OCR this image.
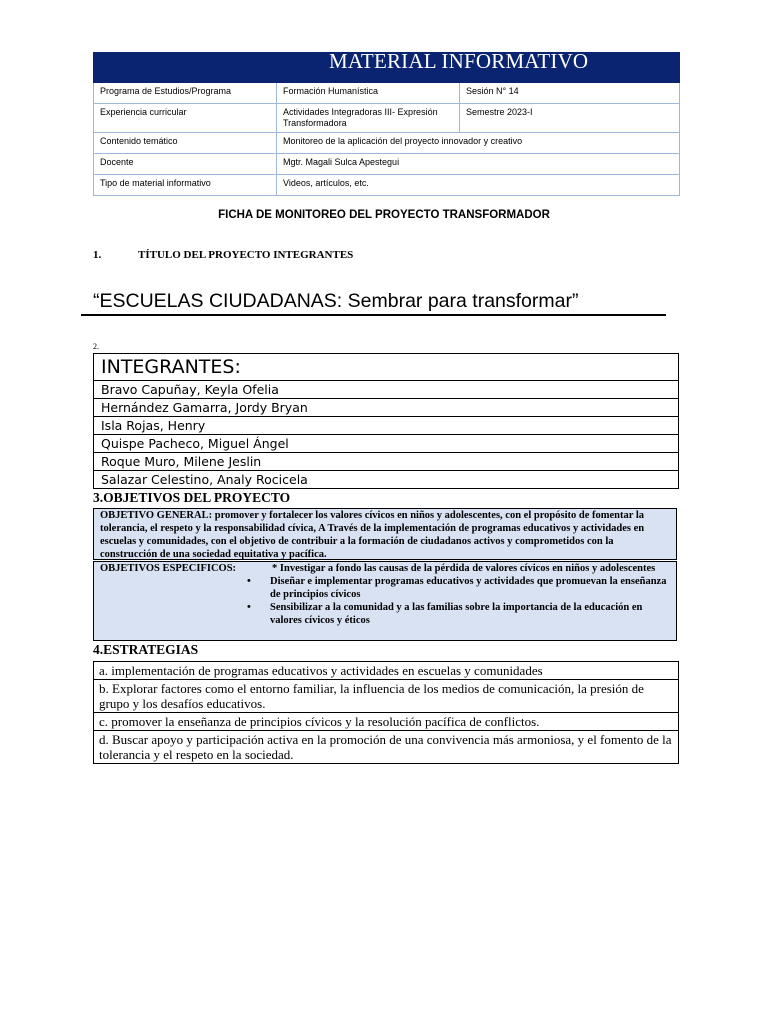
MATERIAL INFORMATIVO		
Programa de Estudios/Programa	Formación Humanística	Sesión N° 14
Experiencia curricular	Actividades Integradoras III- Expresión Transformadora	Semestre 2023-I
Contenido temático	Monitoreo de la aplicación del proyecto innovador y creativo	
Docente	Mgtr. Magali Sulca Apestegui	
Tipo de material informativo	Videos, artículos, etc.	
FICHA DE MONITOREO DEL PROYECTO TRANSFORMADOR
1.	TÍTULO DEL PROYECTO INTEGRANTES
“ESCUELAS CIUDADANAS: Sembrar para transformar”
2.
INTEGRANTES:
Bravo Capuñay, Keyla Ofelia
Hernández Gamarra, Jordy Bryan
Isla Rojas, Henry
Quispe Pacheco, Miguel Ángel
Roque Muro, Milene Jeslin
Salazar Celestino, Analy Rocicela
3.OBJETIVOS DEL PROYECTO
OBJETIVO GENERAL: promover y fortalecer los valores cívicos en niños y adolescentes, con el propósito de fomentar la tolerancia, el respeto y la responsabilidad cívica, A Través de la implementación de programas educativos y actividades en escuelas y comunidades, con el objetivo de contribuir a la formación de ciudadanos activos y comprometidos con la construcción de una sociedad equitativa y pacífica.
OBJETIVOS ESPECIFICOS:	* Investigar a fondo las causas de la pérdida de valores cívicos en niños y adolescentes
• Diseñar e implementar programas educativos y actividades que promuevan la enseñanza de principios cívicos
• Sensibilizar a la comunidad y a las familias sobre la importancia de la educación en valores cívicos y éticos
4.ESTRATEGIAS
a. implementación de programas educativos y actividades en escuelas y comunidades
b. Explorar factores como el entorno familiar, la influencia de los medios de comunicación, la presión de grupo y los desafíos educativos.
c. promover la enseñanza de principios cívicos y la resolución pacífica de conflictos.
d. Buscar apoyo y participación activa en la promoción de una convivencia más armoniosa, y el fomento de la tolerancia y el respeto en la sociedad.
